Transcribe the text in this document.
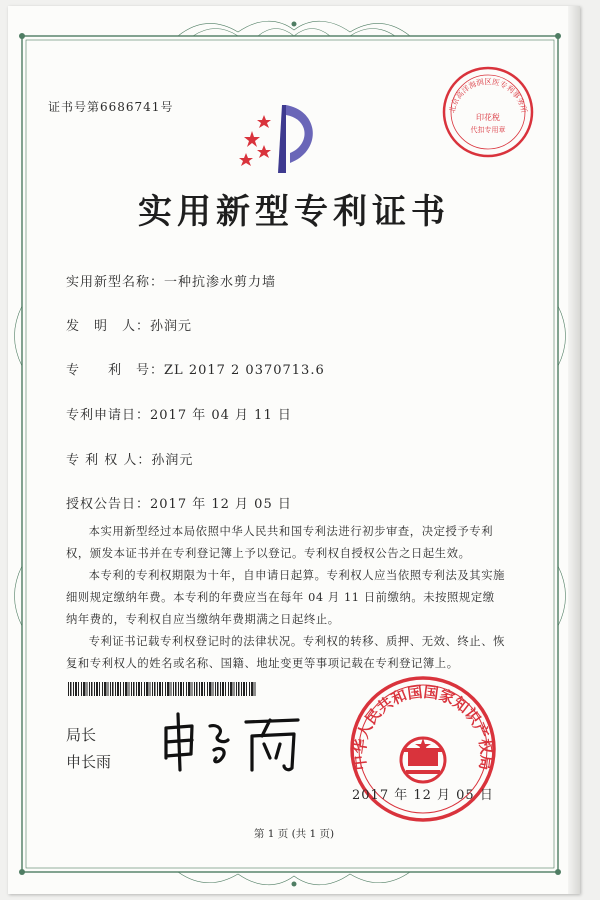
证书号第6686741号	北京高洋海润区医专利事务所
印花税
代扣专用章
实用新型专利证书
实用新型名称：一种抗渗水剪力墙
发　明　人：孙润元
专　　利　号：ZL 2017 2 0370713.6
专利申请日：2017 年 04 月 11 日
专 利 权 人：孙润元
授权公告日：2017 年 12 月 05 日

本实用新型经过本局依照中华人民共和国专利法进行初步审查，决定授予专利权，颁发本证书并在专利登记簿上予以登记。专利权自授权公告之日起生效。

本专利的专利权期限为十年，自申请日起算。专利权人应当依照专利法及其实施细则规定缴纳年费。本专利的年费应当在每年 04 月 11 日前缴纳。未按照规定缴纳年费的，专利权自应当缴纳年费期满之日起终止。

专利证书记载专利权登记时的法律状况。专利权的转移、质押、无效、终止、恢复和专利权人的姓名或名称、国籍、地址变更等事项记载在专利登记簿上。

局长
申长雨	中华人民共和国国家知识产权局
2017 年 12 月 05 日
第 1 页 (共 1 页)
